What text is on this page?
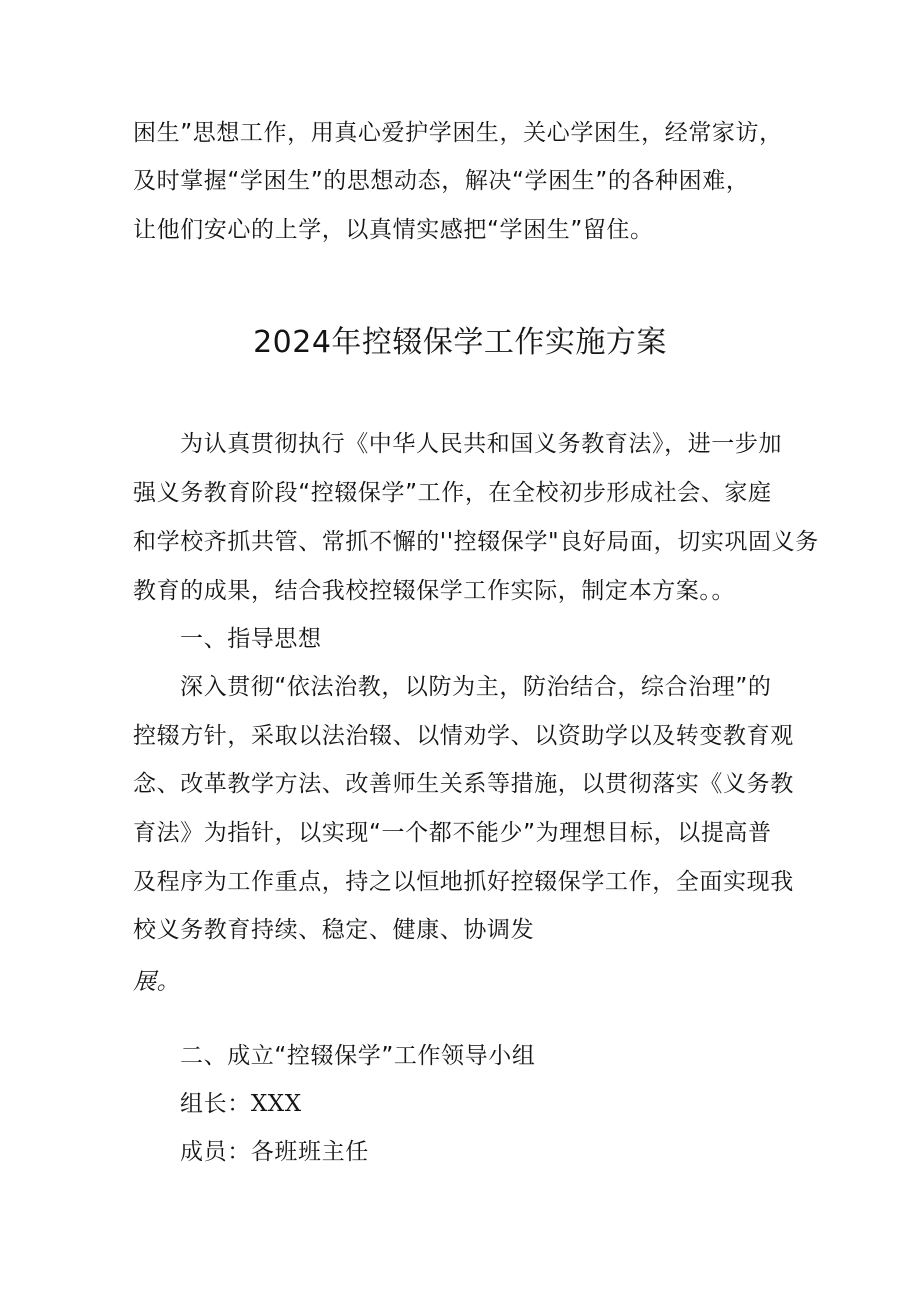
困生”思想工作，用真心爱护学困生，关心学困生，经常家访，
及时掌握“学困生”的思想动态，解决“学困生”的各种困难，
让他们安心的上学，以真情实感把“学困生”留住。
2024年控辍保学工作实施方案
为认真贯彻执行《中华人民共和国义务教育法》，进一步加
强义务教育阶段“控辍保学”工作，在全校初步形成社会、家庭
和学校齐抓共管、常抓不懈的''控辍保学"良好局面，切实巩固义务
教育的成果，结合我校控辍保学工作实际，制定本方案。。
一、指导思想
深入贯彻“依法治教，以防为主，防治结合，综合治理”的
控辍方针，采取以法治辍、以情劝学、以资助学以及转变教育观
念、改革教学方法、改善师生关系等措施，以贯彻落实《义务教
育法》为指针，以实现“一个都不能少”为理想目标，以提高普
及程序为工作重点，持之以恒地抓好控辍保学工作，全面实现我
校义务教育持续、稳定、健康、协调发
展。
二、成立“控辍保学”工作领导小组
组长：XXX
成员：各班班主任
